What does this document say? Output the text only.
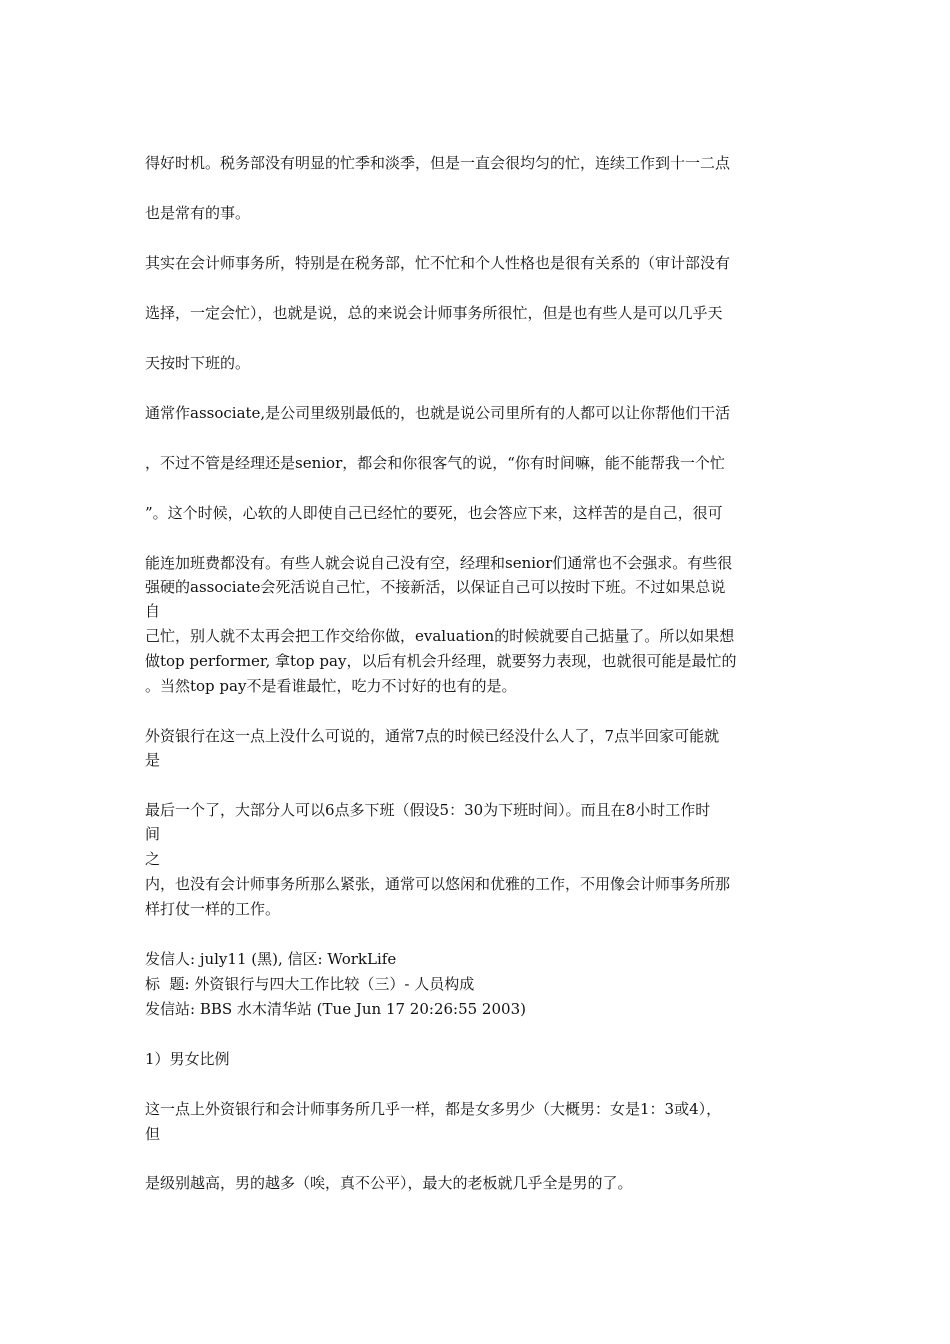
得好时机。税务部没有明显的忙季和淡季，但是一直会很均匀的忙，连续工作到十一二点
也是常有的事。
其实在会计师事务所，特别是在税务部，忙不忙和个人性格也是很有关系的（审计部没有
选择，一定会忙），也就是说，总的来说会计师事务所很忙，但是也有些人是可以几乎天
天按时下班的。
通常作associate,是公司里级别最低的，也就是说公司里所有的人都可以让你帮他们干活
，不过不管是经理还是senior，都会和你很客气的说，“你有时间嘛，能不能帮我一个忙
”。这个时候，心软的人即使自己已经忙的要死，也会答应下来，这样苦的是自己，很可
能连加班费都没有。有些人就会说自己没有空，经理和senior们通常也不会强求。有些很
强硬的associate会死活说自己忙，不接新活，以保证自己可以按时下班。不过如果总说
自
己忙，别人就不太再会把工作交给你做，evaluation的时候就要自己掂量了。所以如果想
做top performer, 拿top pay，以后有机会升经理，就要努力表现，也就很可能是最忙的
。当然top pay不是看谁最忙，吃力不讨好的也有的是。
外资银行在这一点上没什么可说的，通常7点的时候已经没什么人了，7点半回家可能就
是
最后一个了，大部分人可以6点多下班（假设5：30为下班时间）。而且在8小时工作时
间
之
内，也没有会计师事务所那么紧张，通常可以悠闲和优雅的工作，不用像会计师事务所那
样打仗一样的工作。
发信人: july11 (黑), 信区: WorkLife
标  题: 外资银行与四大工作比较（三）- 人员构成
发信站: BBS 水木清华站 (Tue Jun 17 20:26:55 2003)
1）男女比例
这一点上外资银行和会计师事务所几乎一样，都是女多男少（大概男：女是1：3或4），
但
是级别越高，男的越多（唉，真不公平），最大的老板就几乎全是男的了。
